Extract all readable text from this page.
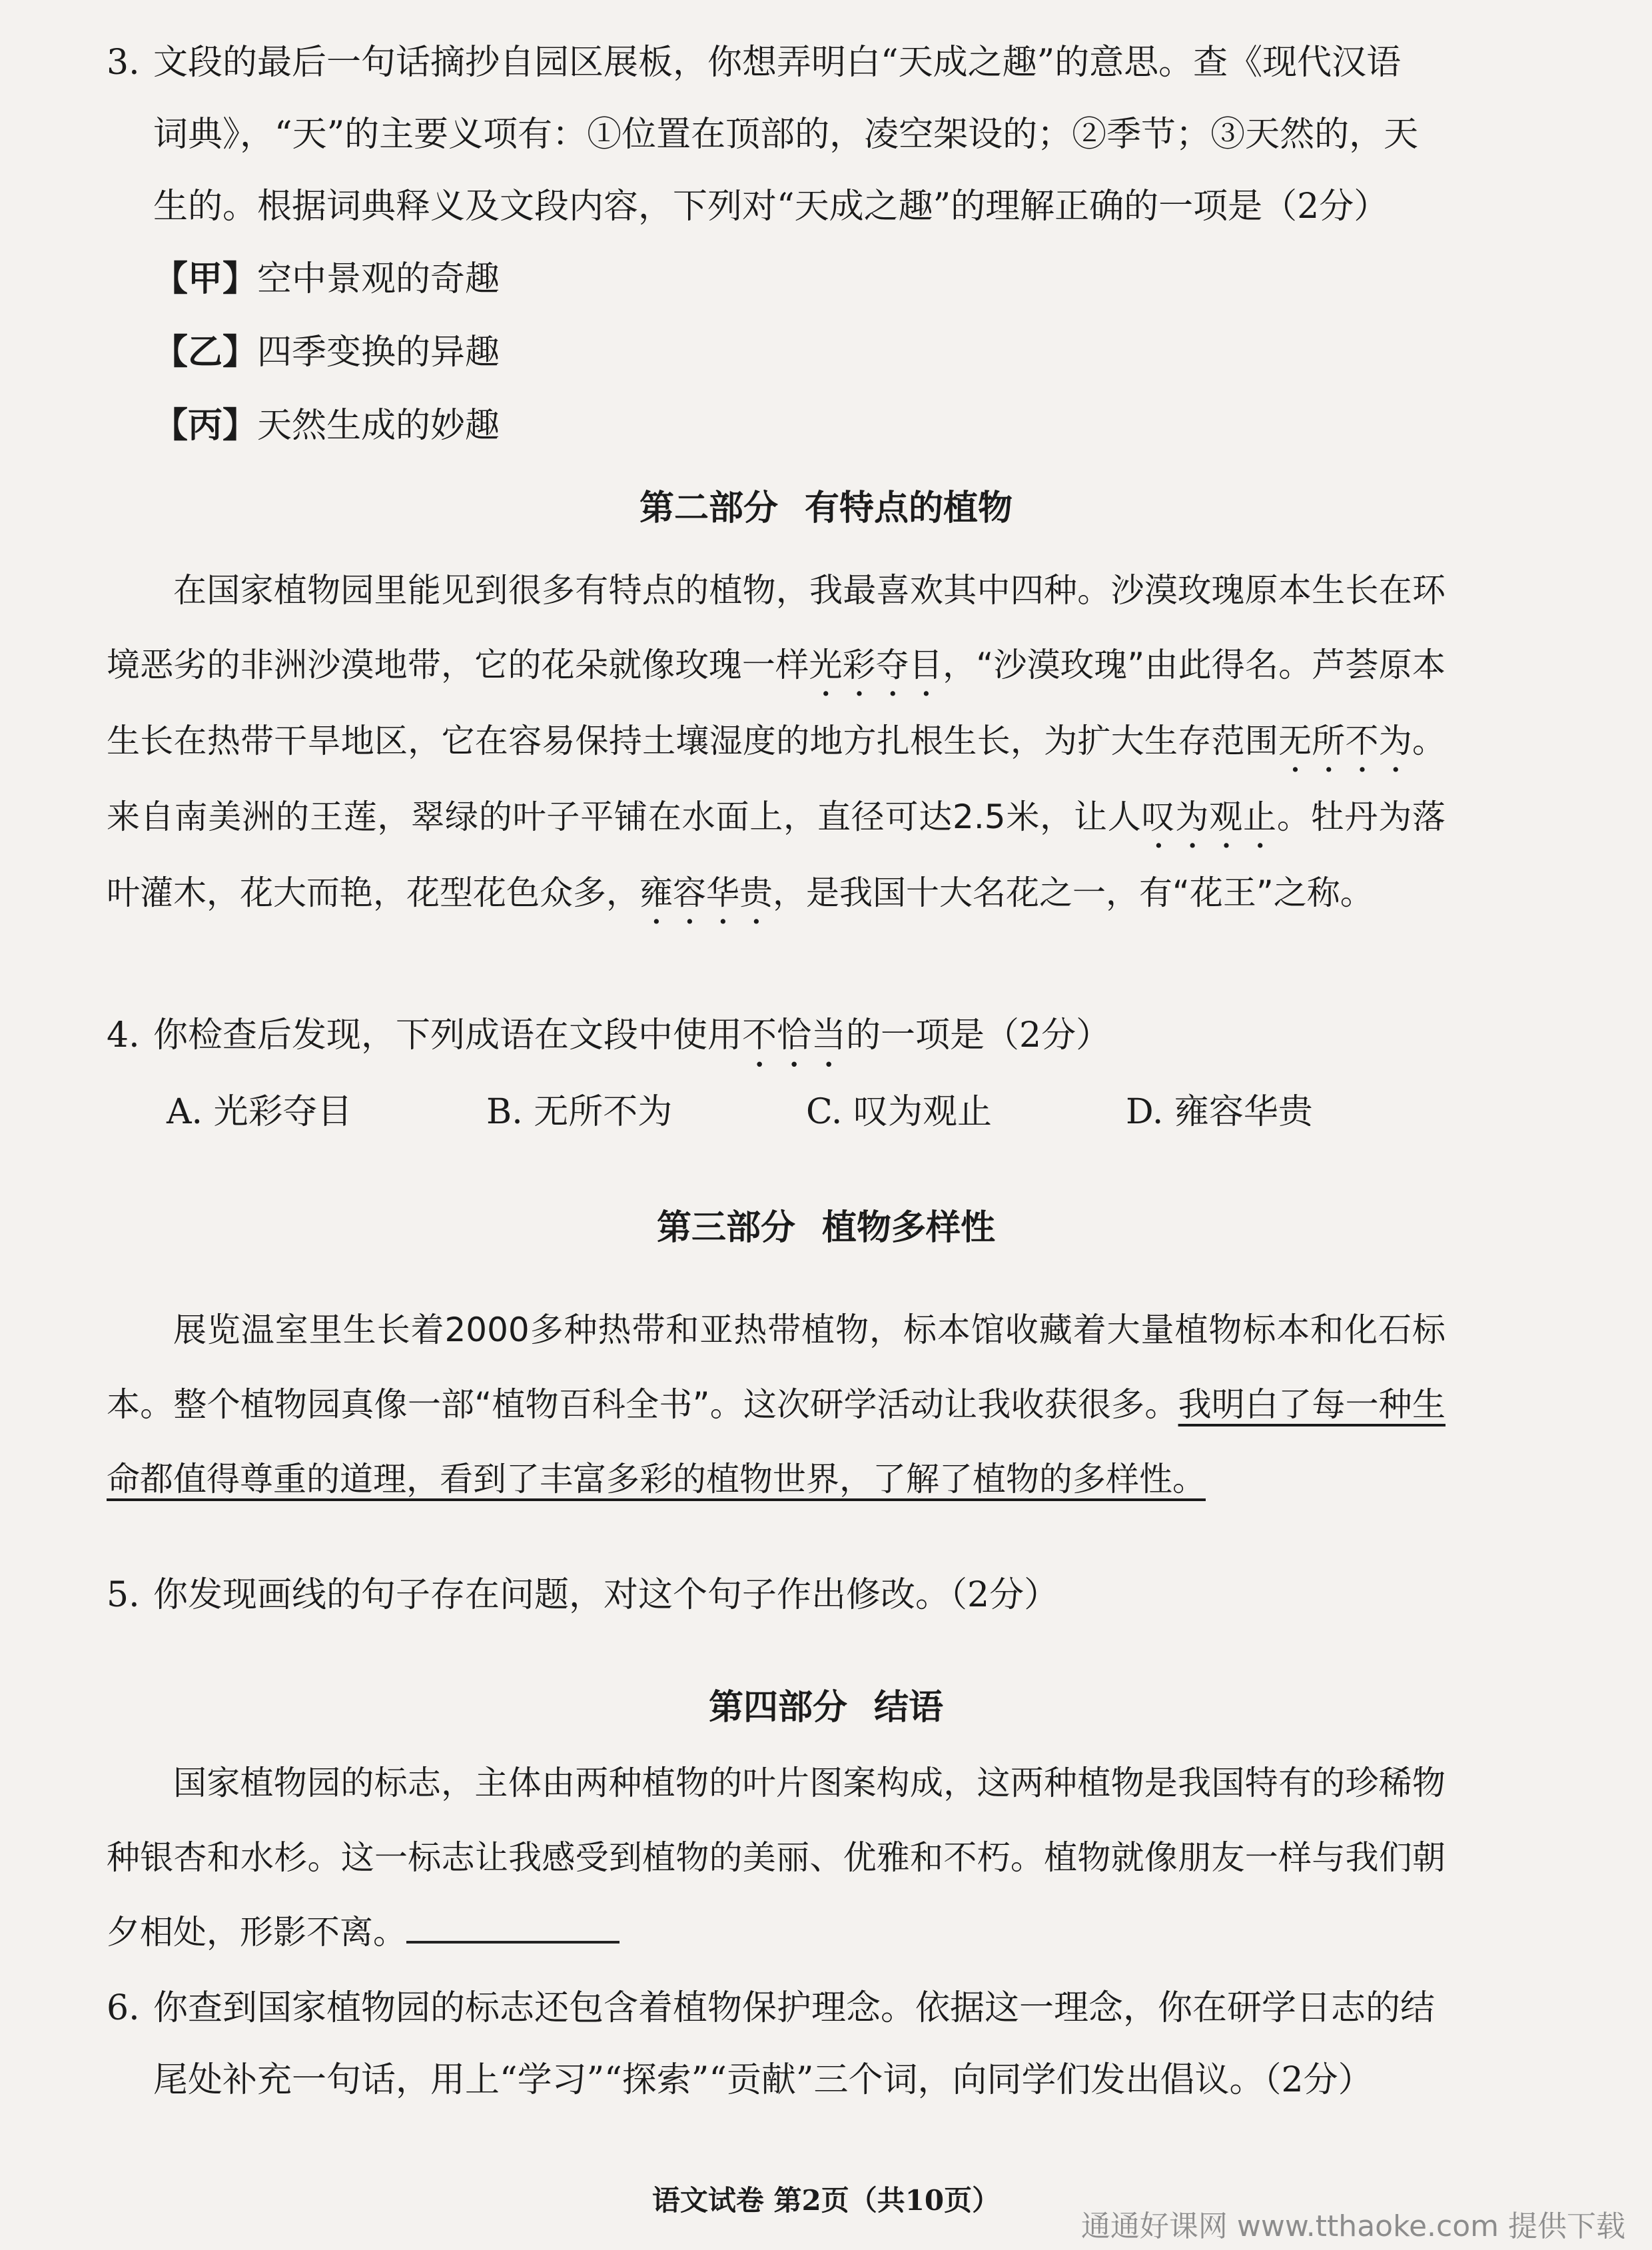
3. 文段的最后一句话摘抄自园区展板，你想弄明白“天成之趣”的意思。查《现代汉语
词典》，“天”的主要义项有：①位置在顶部的，凌空架设的；②季节；③天然的，天
生的。根据词典释义及文段内容，下列对“天成之趣”的理解正确的一项是（2分）
【甲】空中景观的奇趣
【乙】四季变换的异趣
【丙】天然生成的妙趣
第二部分 有特点的植物
在国家植物园里能见到很多有特点的植物，我最喜欢其中四种。沙漠玫瑰原本生长在环境恶劣的非洲沙漠地带，它的花朵就像玫瑰一样光彩夺目，“沙漠玫瑰”由此得名。芦荟原本生长在热带干旱地区，它在容易保持土壤湿度的地方扎根生长，为扩大生存范围无所不为。来自南美洲的王莲，翠绿的叶子平铺在水面上，直径可达2.5米，让人叹为观止。牡丹为落叶灌木，花大而艳，花型花色众多，雍容华贵，是我国十大名花之一，有“花王”之称。
4. 你检查后发现，下列成语在文段中使用不恰当的一项是（2分）
A. 光彩夺目	B. 无所不为	C. 叹为观止	D. 雍容华贵
第三部分 植物多样性
展览温室里生长着2000多种热带和亚热带植物，标本馆收藏着大量植物标本和化石标本。整个植物园真像一部“植物百科全书”。这次研学活动让我收获很多。我明白了每一种生命都值得尊重的道理，看到了丰富多彩的植物世界，了解了植物的多样性。
5. 你发现画线的句子存在问题，对这个句子作出修改。（2分）
第四部分 结语
国家植物园的标志，主体由两种植物的叶片图案构成，这两种植物是我国特有的珍稀物种银杏和水杉。这一标志让我感受到植物的美丽、优雅和不朽。植物就像朋友一样与我们朝夕相处，形影不离。
6. 你查到国家植物园的标志还包含着植物保护理念。依据这一理念，你在研学日志的结
尾处补充一句话，用上“学习”“探索”“贡献”三个词，向同学们发出倡议。（2分）
语文试卷 第2页（共10页）
通通好课网 www.tthaoke.com 提供下载
